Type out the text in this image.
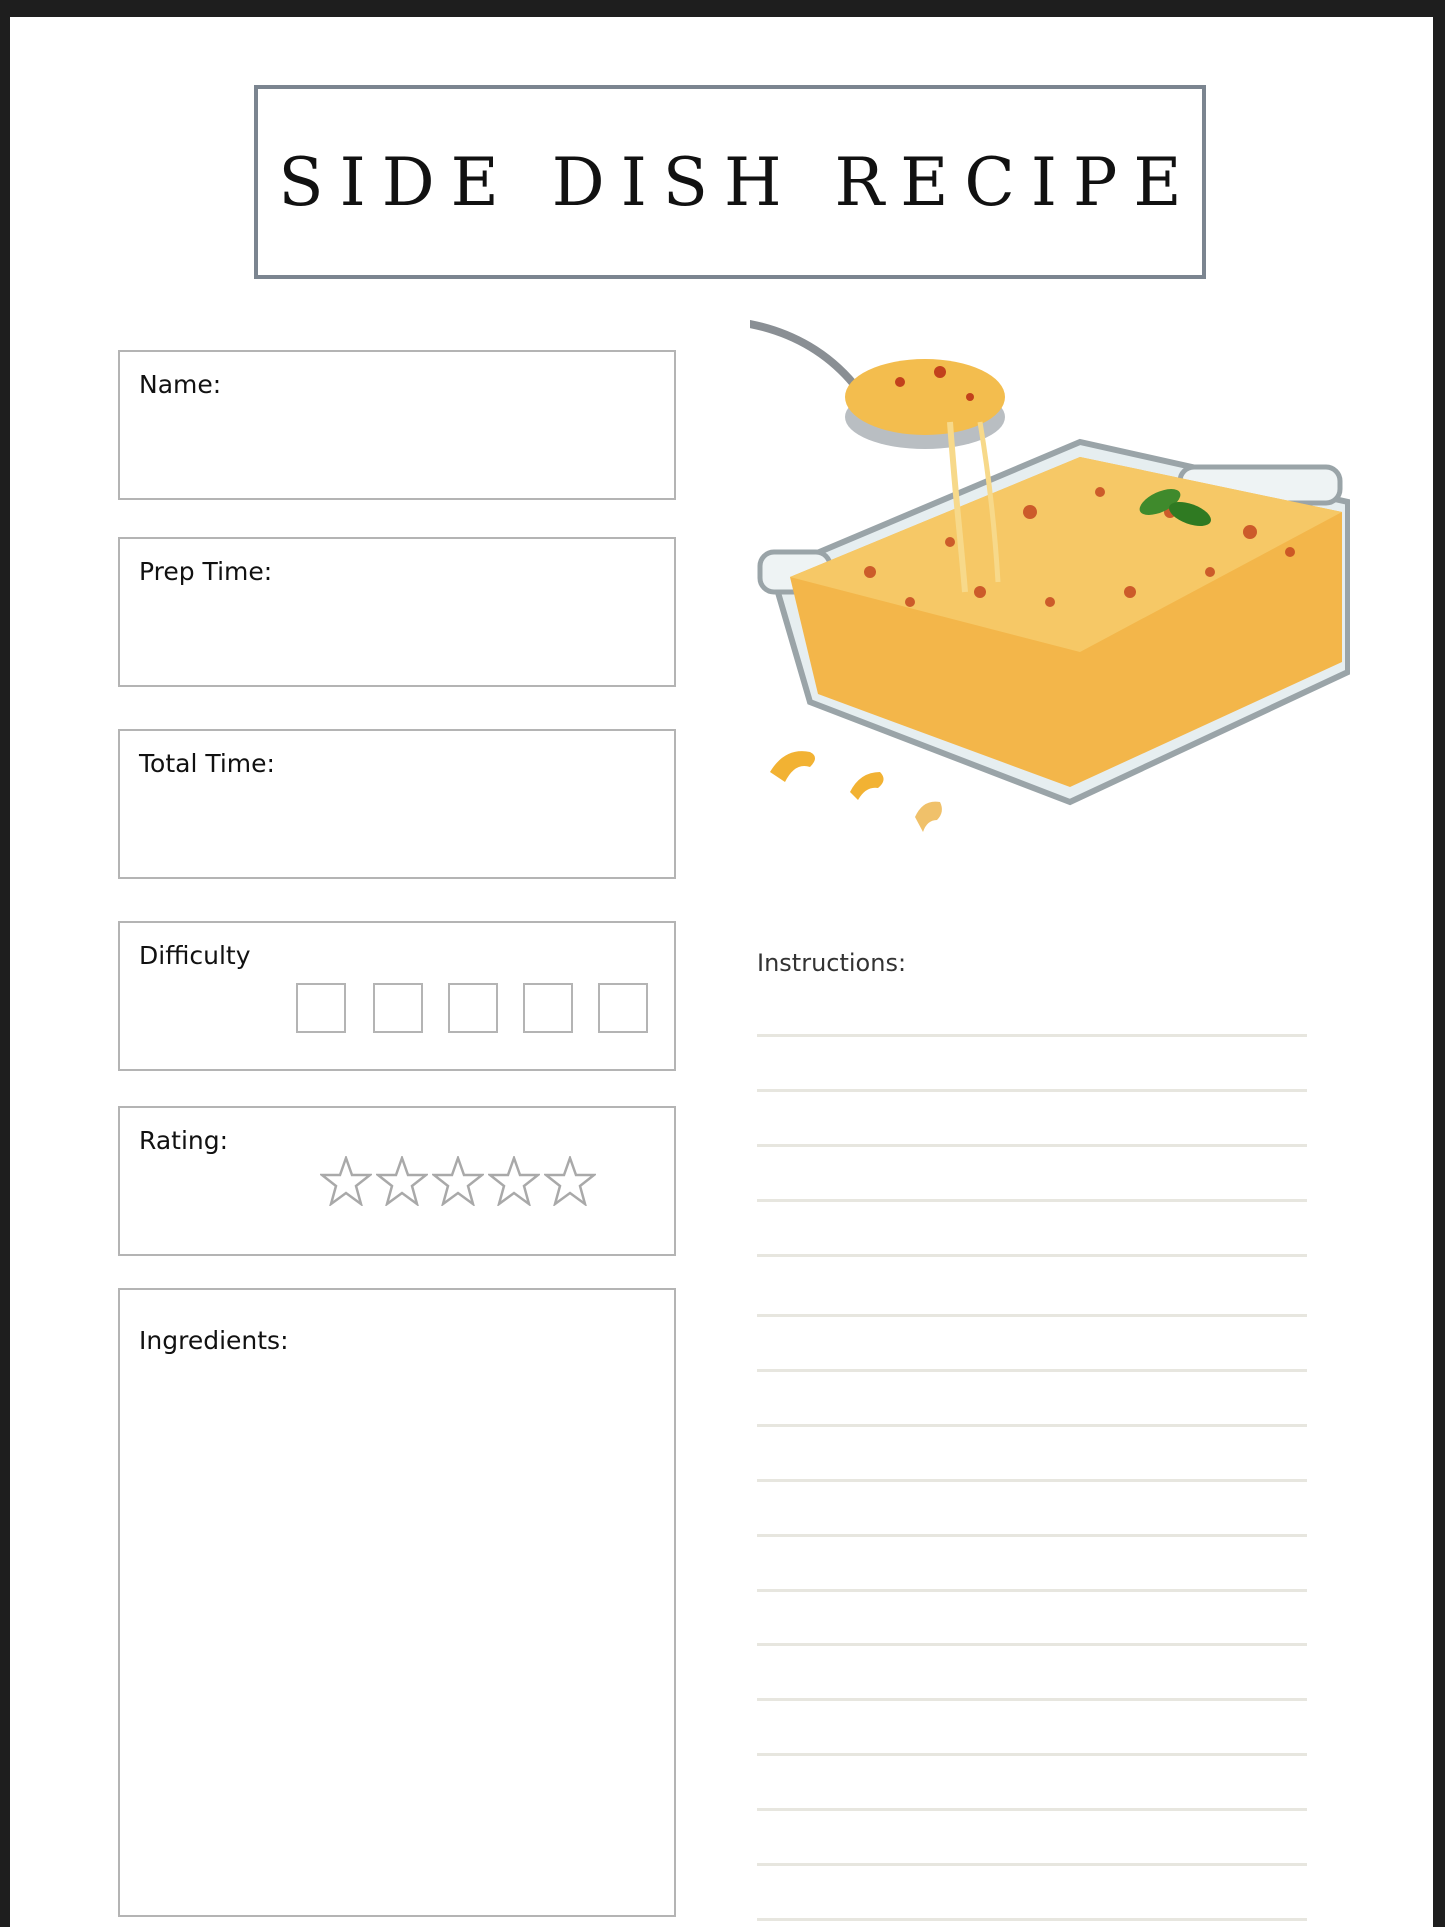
SIDE DISH RECIPE
Name:
Prep Time:
Total Time:
Difficulty
Rating:
Ingredients:
Instructions:
